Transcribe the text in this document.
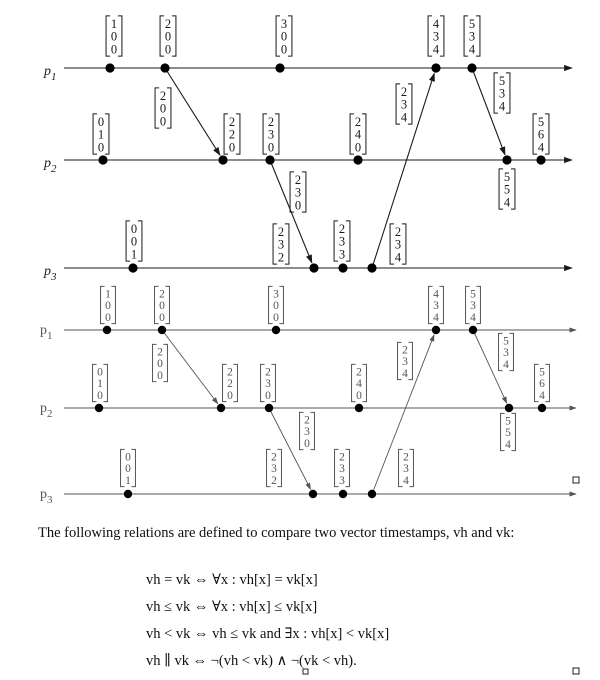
$p_1$
$p_2$
$p_3$
2
0
0
2
3
0
2
3
4
5
3
4
1
0
0
2
0
0
3
0
0
4
3
4
5
3
4
0
1
0
2
2
0
2
3
0
2
4
0
5
5
4
5
6
4
0
0
1
2
3
2
2
3
3
2
3
4
$p_1$
$p_2$
$p_3$
2
0
0
2
3
0
2
3
4
5
3
4
1
0
0
2
0
0
3
0
0
4
3
4
5
3
4
0
1
0
2
2
0
2
3
0
2
4
0
5
5
4
5
6
4
0
0
1
2
3
2
2
3
3
2
3
4

The following relations are defined to compare two vector timestamps, vh and vk:

vh = vk ⇔ ∀x : vh[x] = vk[x]
vh ≤ vk ⇔ ∀x : vh[x] ≤ vk[x]
vh < vk ⇔ vh ≤ vk and ∃x : vh[x] < vk[x]
vh ∥ vk ⇔ ¬(vh < vk) ∧ ¬(vk < vh).
